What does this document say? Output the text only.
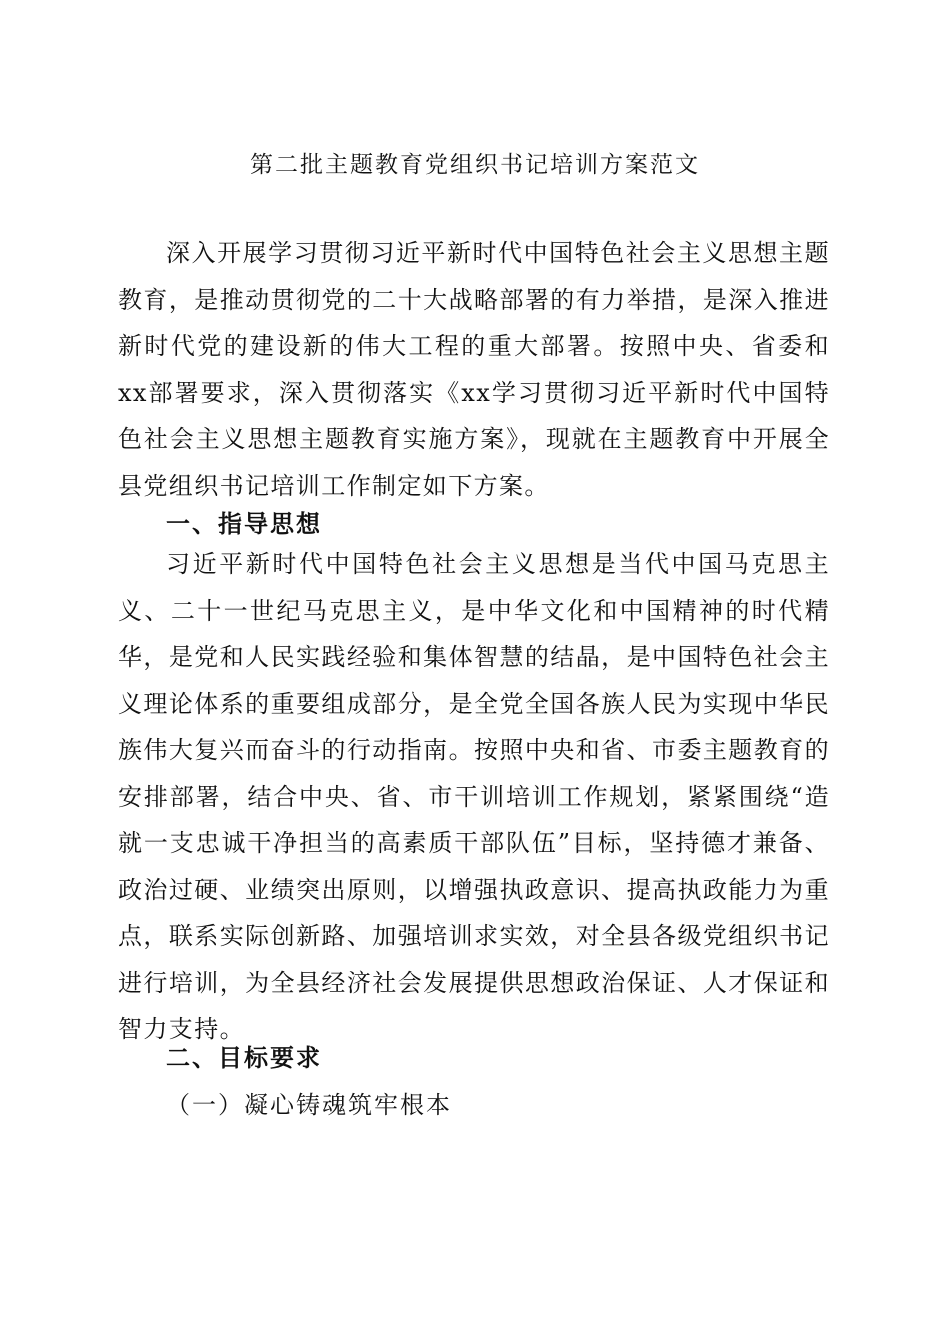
第二批主题教育党组织书记培训方案范文

深入开展学习贯彻习近平新时代中国特色社会主义思想主题教育，是推动贯彻党的二十大战略部署的有力举措，是深入推进新时代党的建设新的伟大工程的重大部署。按照中央、省委和xx部署要求，深入贯彻落实《xx学习贯彻习近平新时代中国特色社会主义思想主题教育实施方案》，现就在主题教育中开展全县党组织书记培训工作制定如下方案。

一、指导思想

习近平新时代中国特色社会主义思想是当代中国马克思主义、二十一世纪马克思主义，是中华文化和中国精神的时代精华，是党和人民实践经验和集体智慧的结晶，是中国特色社会主义理论体系的重要组成部分，是全党全国各族人民为实现中华民族伟大复兴而奋斗的行动指南。按照中央和省、市委主题教育的安排部署，结合中央、省、市干训培训工作规划，紧紧围绕“造就一支忠诚干净担当的高素质干部队伍”目标，坚持德才兼备、政治过硬、业绩突出原则，以增强执政意识、提高执政能力为重点，联系实际创新路、加强培训求实效，对全县各级党组织书记进行培训，为全县经济社会发展提供思想政治保证、人才保证和智力支持。

二、目标要求

（一）凝心铸魂筑牢根本
